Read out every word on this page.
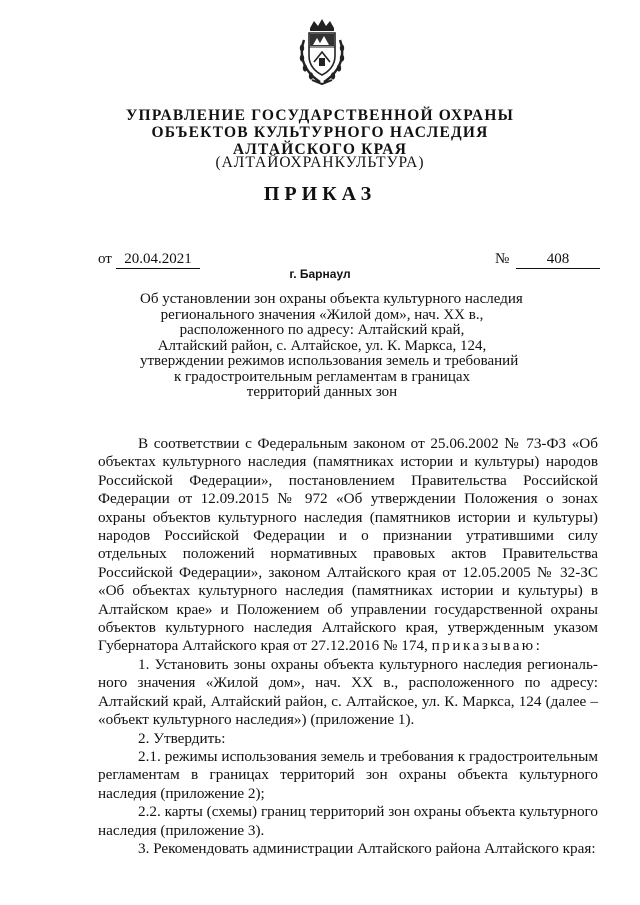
УПРАВЛЕНИЕ ГОСУДАРСТВЕННОЙ ОХРАНЫ
ОБЪЕКТОВ КУЛЬТУРНОГО НАСЛЕДИЯ
АЛТАЙСКОГО КРАЯ
(АЛТАЙОХРАНКУЛЬТУРА)
ПРИКАЗ
от 20.04.2021	№	408
г. Барнаул
Об установлении зон охраны объекта культурного наследия
регионального значения «Жилой дом», нач. XX в.,
расположенного по адресу: Алтайский край,
Алтайский район, с. Алтайское, ул. К. Маркса, 124,
утверждении режимов использования земель и требований
к градостроительным регламентам в границах
территорий данных зон

В соответствии с Федеральным законом от 25.06.2002 № 73-ФЗ «Об объектах культурного наследия (памятниках истории и культуры) народов Российской Федерации», постановлением Правительства Российской Федерации от 12.09.2015 № 972 «Об утверждении Положения о зонах охраны объектов культурного наследия (памятников истории и культуры) народов Российской Федерации и о признании утратившими силу отдельных положений нормативных правовых актов Правительства Российской Федерации», законом Алтайского края от 12.05.2005 № 32-ЗС «Об объектах культурного наследия (памятниках истории и культуры) в Алтайском крае» и Положением об управлении государственной охраны объектов культурного наследия Алтайского края, утвержденным указом Губернатора Алтайского края от 27.12.2016 № 174, приказываю:

1. Установить зоны охраны объекта культурного наследия региональ-ного значения «Жилой дом», нач. XX в., расположенного по адресу: Алтайский край, Алтайский район, с. Алтайское, ул. К. Маркса, 124 (далее – «объект культурного наследия») (приложение 1).

2. Утвердить:

2.1. режимы использования земель и требования к градостроительным регламентам в границах территорий зон охраны объекта культурного наследия (приложение 2);

2.2. карты (схемы) границ территорий зон охраны объекта культурного наследия (приложение 3).

3. Рекомендовать администрации Алтайского района Алтайского края:
